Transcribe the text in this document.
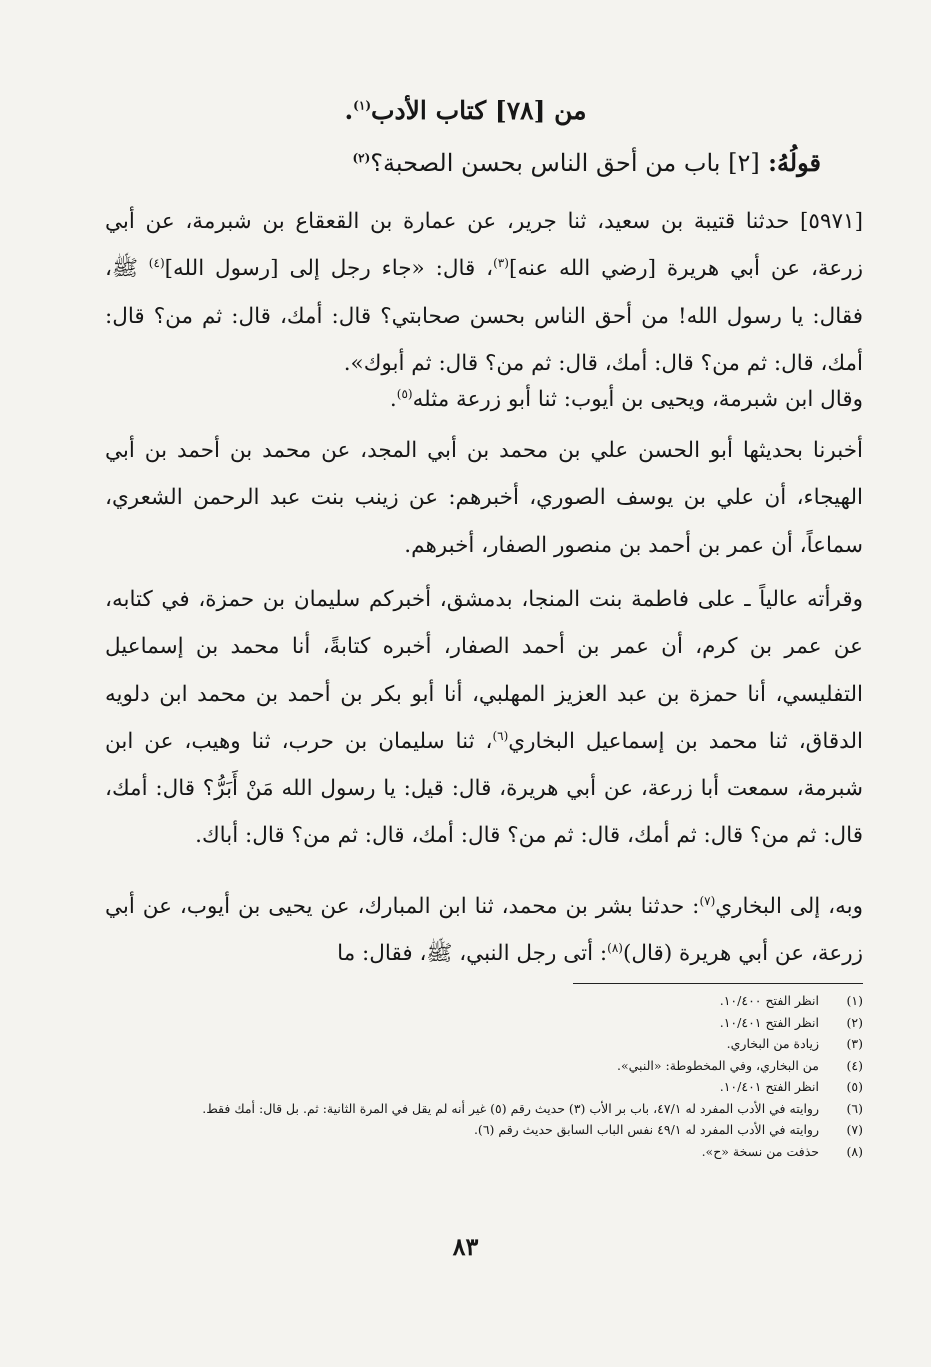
من [٧٨] كتاب الأدب$^{(١)}$.
قولُهُ: [٢] باب من أحق الناس بحسن الصحبة؟$^{(٢)}$
[٥٩٧١] حدثنا قتيبة بن سعيد، ثنا جرير، عن عمارة بن القعقاع بن شبرمة، عن أبي زرعة، عن أبي هريرة [رضي الله عنه]$^{(٣)}$، قال: «جاء رجل إلى [رسول الله]$^{(٤)}$ ﷺ، فقال: يا رسول الله! من أحق الناس بحسن صحابتي؟ قال: أمك، قال: ثم من؟ قال: أمك، قال: ثم من؟ قال: أمك، قال: ثم من؟ قال: ثم أبوك».
وقال ابن شبرمة، ويحيى بن أيوب: ثنا أبو زرعة مثله$^{(٥)}$.
أخبرنا بحديثها أبو الحسن علي بن محمد بن أبي المجد، عن محمد بن أحمد بن أبي الهيجاء، أن علي بن يوسف الصوري، أخبرهم: عن زينب بنت عبد الرحمن الشعري، سماعاً، أن عمر بن أحمد بن منصور الصفار، أخبرهم.
وقرأته عالياً ـ على فاطمة بنت المنجا، بدمشق، أخبركم سليمان بن حمزة، في كتابه، عن عمر بن كرم، أن عمر بن أحمد الصفار، أخبره كتابةً، أنا محمد بن إسماعيل التفليسي، أنا حمزة بن عبد العزيز المهلبي، أنا أبو بكر بن أحمد بن محمد ابن دلويه الدقاق، ثنا محمد بن إسماعيل البخاري$^{(٦)}$، ثنا سليمان بن حرب، ثنا وهيب، عن ابن شبرمة، سمعت أبا زرعة، عن أبي هريرة، قال: قيل: يا رسول الله مَنْ أَبَرُّ؟ قال: أمك، قال: ثم من؟ قال: ثم أمك، قال: ثم من؟ قال: أمك، قال: ثم من؟ قال: أباك.
وبه، إلى البخاري$^{(٧)}$: حدثنا بشر بن محمد، ثنا ابن المبارك، عن يحيى بن أيوب، عن أبي زرعة، عن أبي هريرة (قال)$^{(٨)}$: أتى رجل النبي، ﷺ، فقال: ما
(١)
انظر الفتح ١٠/٤٠٠.
(٢)
انظر الفتح ١٠/٤٠١.
(٣)
زيادة من البخاري.
(٤)
من البخاري، وفي المخطوطة: «النبي».
(٥)
انظر الفتح ١٠/٤٠١.
(٦)
روايته في الأدب المفرد له ٤٧/١، باب بر الأب (٣) حديث رقم (٥) غير أنه لم يقل في المرة الثانية: ثم. بل قال: أمك فقط.
(٧)
روايته في الأدب المفرد له ٤٩/١ نفس الباب السابق حديث رقم (٦).
(٨)
حذفت من نسخة «ح».
٨٣
